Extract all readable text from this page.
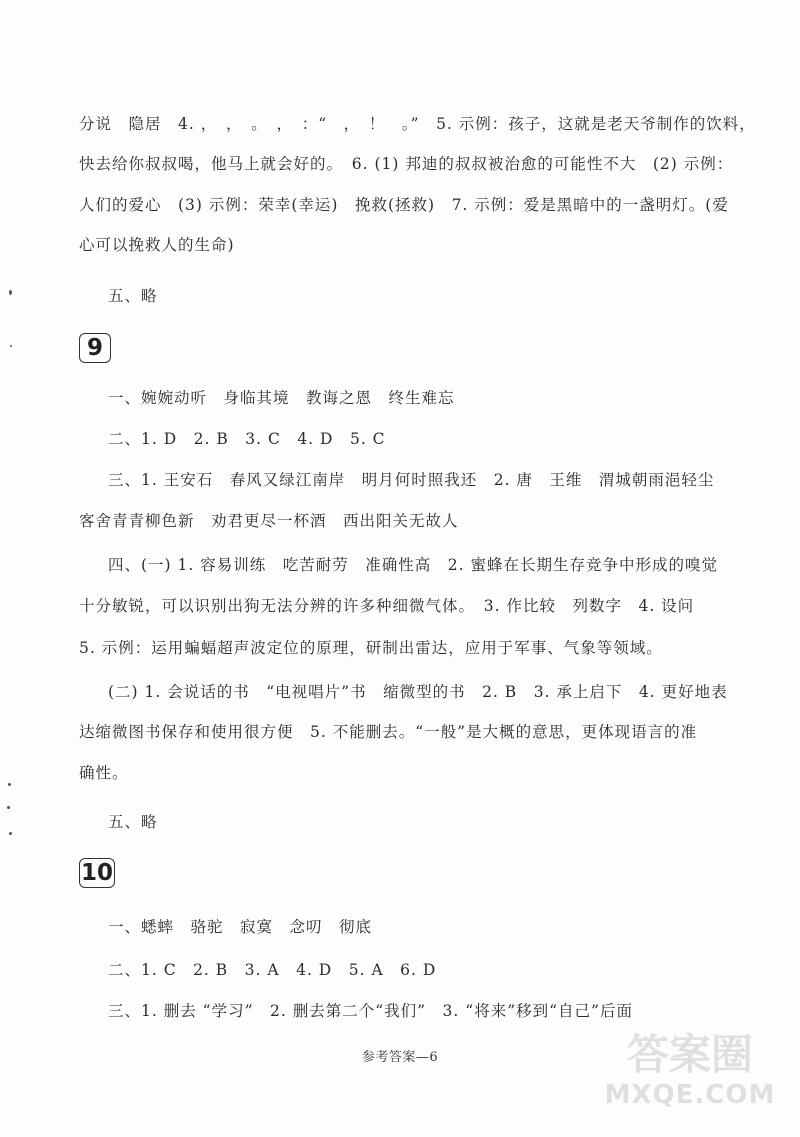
分说　隐居　4. ，　，　。　，　：“　，　！　。”　5. 示例：孩子，这就是老天爷制作的饮料，
快去给你叔叔喝，他马上就会好的。　6. (1) 邦迪的叔叔被治愈的可能性不大　(2) 示例：
人们的爱心　(3) 示例：荣幸(幸运)　挽救(拯救)　7. 示例：爱是黑暗中的一盏明灯。(爱
心可以挽救人的生命)
五、略
9
一、婉婉动听　身临其境　教诲之恩　终生难忘
二、1. D　2. B　3. C　4. D　5. C
三、1. 王安石　春风又绿江南岸　明月何时照我还　2. 唐　王维　渭城朝雨浥轻尘
客舍青青柳色新　劝君更尽一杯酒　西出阳关无故人
四、(一) 1. 容易训练　吃苦耐劳　准确性高　2. 蜜蜂在长期生存竞争中形成的嗅觉
十分敏锐，可以识别出狗无法分辨的许多种细微气体。　3. 作比较　列数字　4. 设问
5. 示例：运用蝙蝠超声波定位的原理，研制出雷达，应用于军事、气象等领域。
(二) 1. 会说话的书　“电视唱片”书　缩微型的书　2. B　3. 承上启下　4. 更好地表
达缩微图书保存和使用很方便　5. 不能删去。“一般”是大概的意思，更体现语言的准
确性。
五、略
10
一、蟋蟀　骆驼　寂寞　念叨　彻底
二、1. C　2. B　3. A　4. D　5. A　6. D
三、1. 删去 “学习”　2. 删去第二个“我们”　3. “将来”移到“自己”后面
参考答案—6	答案圈
MXQE.COM
